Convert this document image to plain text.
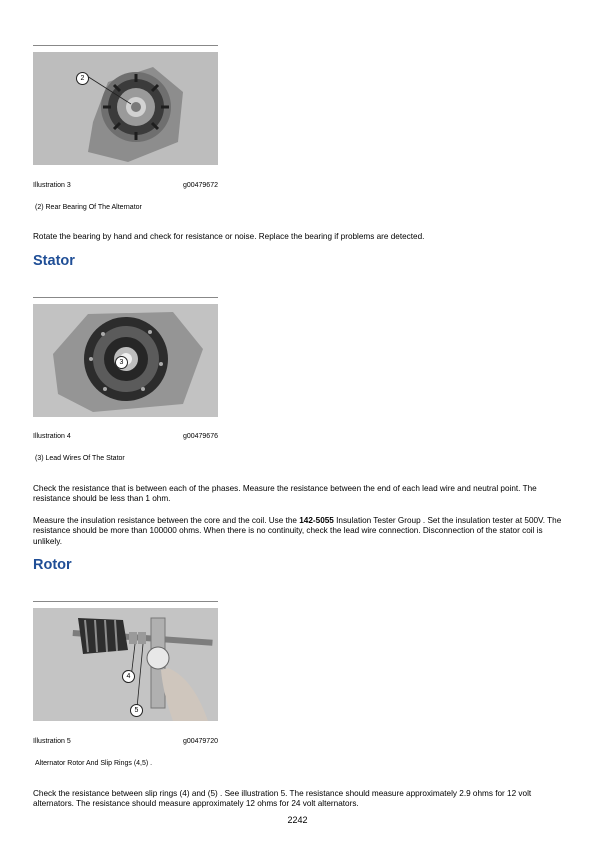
2
Illustration 3	g00479672
(2) Rear Bearing Of The Alternator
Rotate the bearing by hand and check for resistance or noise. Replace the bearing if problems are detected.
Stator
3
Illustration 4	g00479676
(3) Lead Wires Of The Stator
Check the resistance that is between each of the phases. Measure the resistance between the end of each lead wire and neutral point. The resistance should be less than 1 ohm.
Measure the insulation resistance between the core and the coil. Use the 142-5055 Insulation Tester Group . Set the insulation tester at 500V. The resistance should be more than 100000 ohms. When there is no continuity, check the lead wire connection. Disconnection of the stator coil is unlikely.
Rotor
4
5
Illustration 5	g00479720
Alternator Rotor And Slip Rings (4,5) .
Check the resistance between slip rings (4) and (5) . See illustration 5. The resistance should measure approximately 2.9 ohms for 12 volt alternators. The resistance should measure approximately 12 ohms for 24 volt alternators.
2242
